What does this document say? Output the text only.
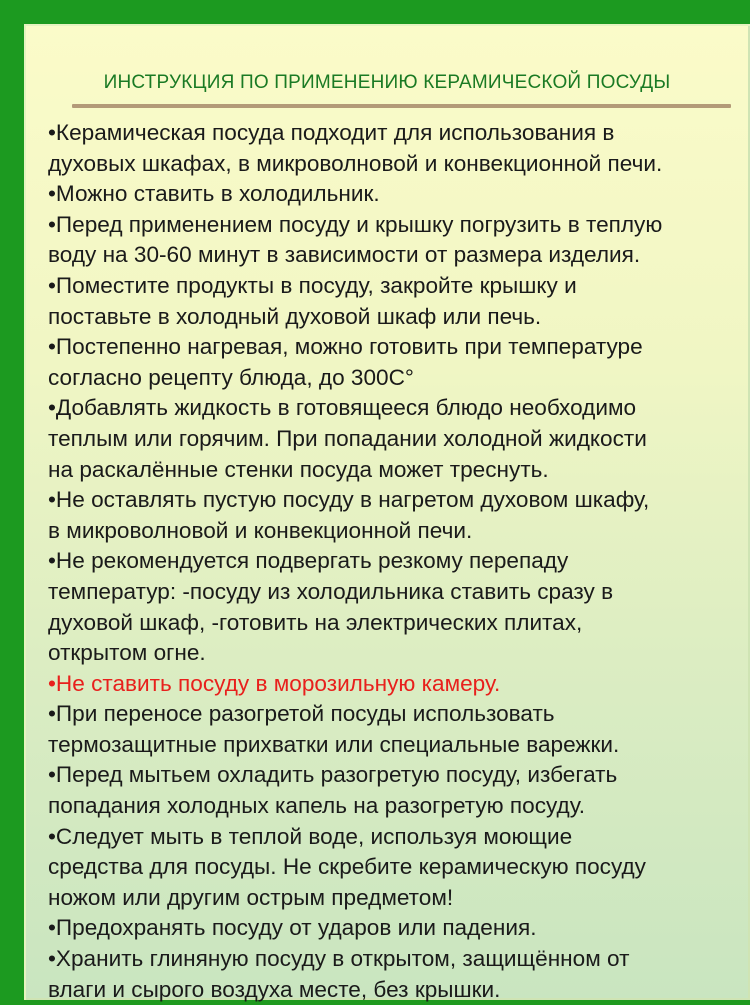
ИНСТРУКЦИЯ ПО ПРИМЕНЕНИЮ КЕРАМИЧЕСКОЙ ПОСУДЫ
•Керамическая посуда подходит для использования в
духовых шкафах, в микроволновой и конвекционной печи.
•Можно ставить в холодильник.
•Перед применением посуду и крышку погрузить в теплую
воду на 30-60 минут в зависимости от размера изделия.
•Поместите продукты в посуду, закройте крышку и
поставьте в холодный духовой шкаф или печь.
•Постепенно нагревая, можно готовить при температуре
согласно рецепту блюда, до 300С°
•Добавлять жидкость в готовящееся блюдо необходимо
теплым или горячим. При попадании холодной жидкости
на раскалённые стенки посуда может треснуть.
•Не оставлять пустую посуду в нагретом духовом шкафу,
в микроволновой и конвекционной печи.
•Не рекомендуется подвергать резкому перепаду
температур: -посуду из холодильника ставить сразу в
духовой шкаф, -готовить на электрических плитах,
открытом огне.
•Не ставить посуду в морозильную камеру.
•При переносе разогретой посуды использовать
термозащитные прихватки или специальные варежки.
•Перед мытьем охладить разогретую посуду, избегать
попадания холодных капель на разогретую посуду.
•Следует мыть в теплой воде, используя моющие
средства для посуды. Не скребите керамическую посуду
ножом или другим острым предметом!
•Предохранять посуду от ударов или падения.
•Хранить глиняную посуду в открытом, защищённом от
влаги и сырого воздуха месте, без крышки.
